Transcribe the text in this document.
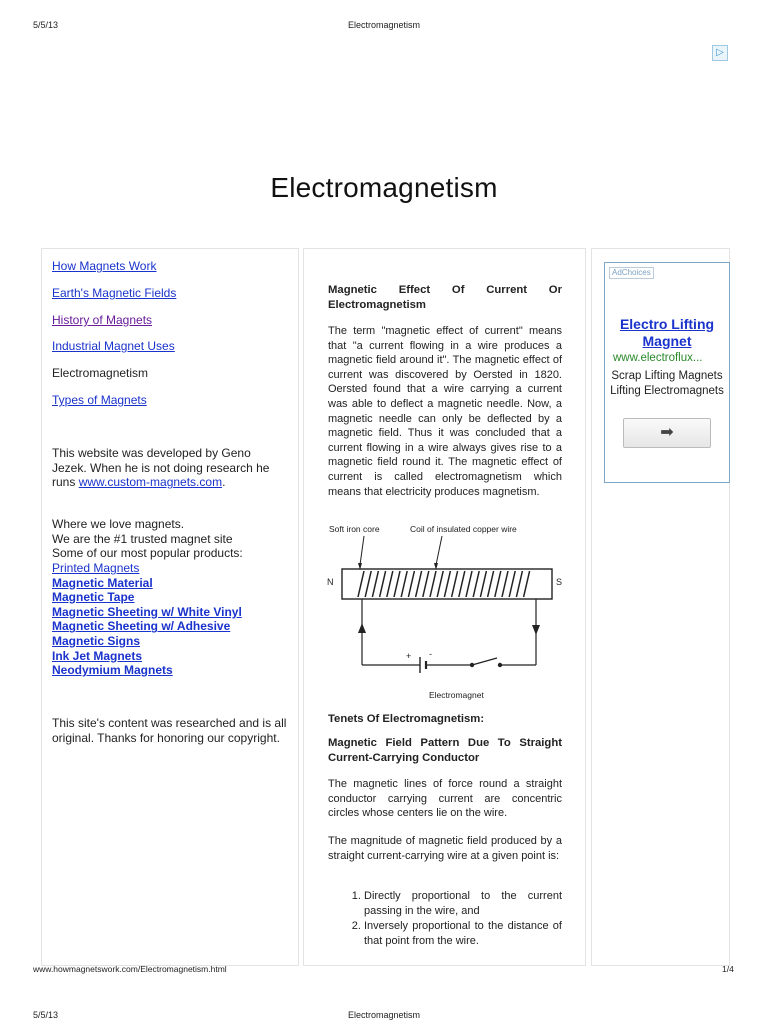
5/5/13	Electromagnetism
▷
Electromagnetism
How Magnets Work
Earth's Magnetic Fields
History of Magnets
Industrial Magnet Uses
Electromagnetism
Types of Magnets
This website was developed by Geno Jezek. When he is not doing research he runs www.custom-magnets.com.
Where we love magnets.
We are the #1 trusted magnet site
Some of our most popular products:
Printed Magnets
Magnetic Material
Magnetic Tape
Magnetic Sheeting w/ White Vinyl
Magnetic Sheeting w/ Adhesive
Magnetic Signs
Ink Jet Magnets
Neodymium Magnets
This site's content was researched and is all original. Thanks for honoring our copyright.
Magnetic Effect Of Current Or Electromagnetism
The term "magnetic effect of current" means that "a current flowing in a wire produces a magnetic field around it". The magnetic effect of current was discovered by Oersted in 1820. Oersted found that a wire carrying a current was able to deflect a magnetic needle. Now, a magnetic needle can only be deflected by a magnetic field. Thus it was concluded that a current flowing in a wire always gives rise to a magnetic field round it. The magnetic effect of current is called electromagnetism which means that electricity produces magnetism.
Soft iron core	Coil of insulated copper wire
N	S
+ -
Electromagnet
Tenets Of Electromagnetism:
Magnetic Field Pattern Due To Straight Current-Carrying Conductor
The magnetic lines of force round a straight conductor carrying current are concentric circles whose centers lie on the wire.
The magnitude of magnetic field produced by a straight current-carrying wire at a given point is:
1. Directly proportional to the current passing in the wire, and
2. Inversely proportional to the distance of that point from the wire.
AdChoices
Electro Lifting Magnet
www.electroflux...
Scrap Lifting Magnets Lifting Electromagnets
➡
www.howmagnetswork.com/Electromagnetism.html	1/4
5/5/13	Electromagnetism
